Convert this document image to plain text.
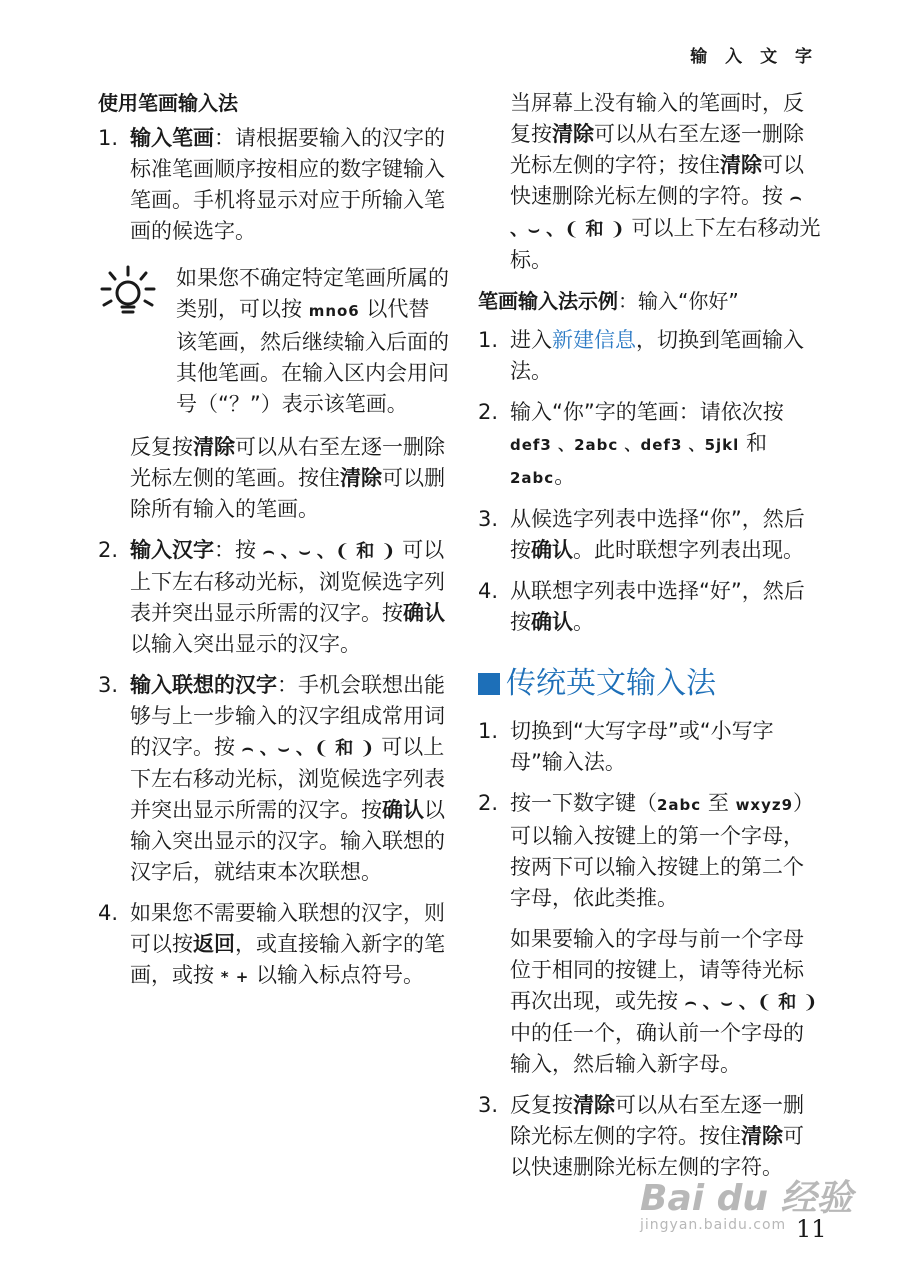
输 入 文 字
使用笔画输入法
1. 输入笔画：请根据要输入的汉字的标准笔画顺序按相应的数字键输入笔画。手机将显示对应于所输入笔画的候选字。
如果您不确定特定笔画所属的类别，可以按 mno6 以代替该笔画，然后继续输入后面的其他笔画。在输入区内会用问号（“？”）表示该笔画。
反复按清除可以从右至左逐一删除光标左侧的笔画。按住清除可以删除所有输入的笔画。
2. 输入汉字：按 ⌢ 、⌣ 、❨ 和 ❩ 可以上下左右移动光标，浏览候选字列表并突出显示所需的汉字。按确认以输入突出显示的汉字。
3. 输入联想的汉字：手机会联想出能够与上一步输入的汉字组成常用词的汉字。按 ⌢ 、⌣ 、❨ 和 ❩ 可以上下左右移动光标，浏览候选字列表并突出显示所需的汉字。按确认以输入突出显示的汉字。输入联想的汉字后，就结束本次联想。
4. 如果您不需要输入联想的汉字，则可以按返回，或直接输入新字的笔画，或按 * + 以输入标点符号。
当屏幕上没有输入的笔画时，反复按清除可以从右至左逐一删除光标左侧的字符；按住清除可以快速删除光标左侧的字符。按 ⌢ 、⌣ 、❨ 和 ❩ 可以上下左右移动光标。
笔画输入法示例：输入“你好”
1. 进入新建信息，切换到笔画输入法。
2. 输入“你”字的笔画：请依次按 def3 、2abc 、def3 、5jkl 和 2abc。
3. 从候选字列表中选择“你”，然后按确认。此时联想字列表出现。
4. 从联想字列表中选择“好”，然后按确认。
传统英文输入法
1. 切换到“大写字母”或“小写字母”输入法。
2. 按一下数字键（2abc 至 wxyz9）可以输入按键上的第一个字母，按两下可以输入按键上的第二个字母，依此类推。
如果要输入的字母与前一个字母位于相同的按键上，请等待光标再次出现，或先按 ⌢ 、⌣ 、❨ 和 ❩ 中的任一个，确认前一个字母的输入，然后输入新字母。
3. 反复按清除可以从右至左逐一删除光标左侧的字符。按住清除可以快速删除光标左侧的字符。
Bai du 经验
jingyan.baidu.com 11
